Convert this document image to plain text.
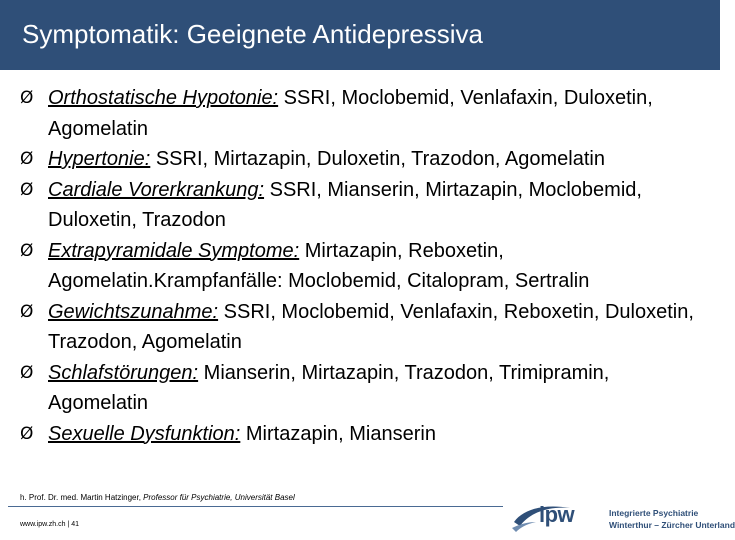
Symptomatik: Geeignete Antidepressiva
Ø Orthostatische Hypotonie: SSRI, Moclobemid, Venlafaxin, Duloxetin, Agomelatin
Ø Hypertonie: SSRI, Mirtazapin, Duloxetin, Trazodon, Agomelatin
Ø Cardiale Vorerkrankung: SSRI, Mianserin, Mirtazapin, Moclobemid, Duloxetin, Trazodon
Ø Extrapyramidale Symptome: Mirtazapin, Reboxetin, Agomelatin.Krampfanfälle: Moclobemid, Citalopram, Sertralin
Ø Gewichtszunahme: SSRI, Moclobemid, Venlafaxin, Reboxetin, Duloxetin, Trazodon, Agomelatin
Ø Schlafstörungen: Mianserin, Mirtazapin, Trazodon, Trimipramin, Agomelatin
Ø Sexuelle Dysfunktion: Mirtazapin, Mianserin
h. Prof. Dr. med. Martin Hatzinger, Professor für Psychiatrie, Universität Basel
www.ipw.zh.ch | 41	ipw	Integrierte Psychiatrie
Winterthur – Zürcher Unterland
